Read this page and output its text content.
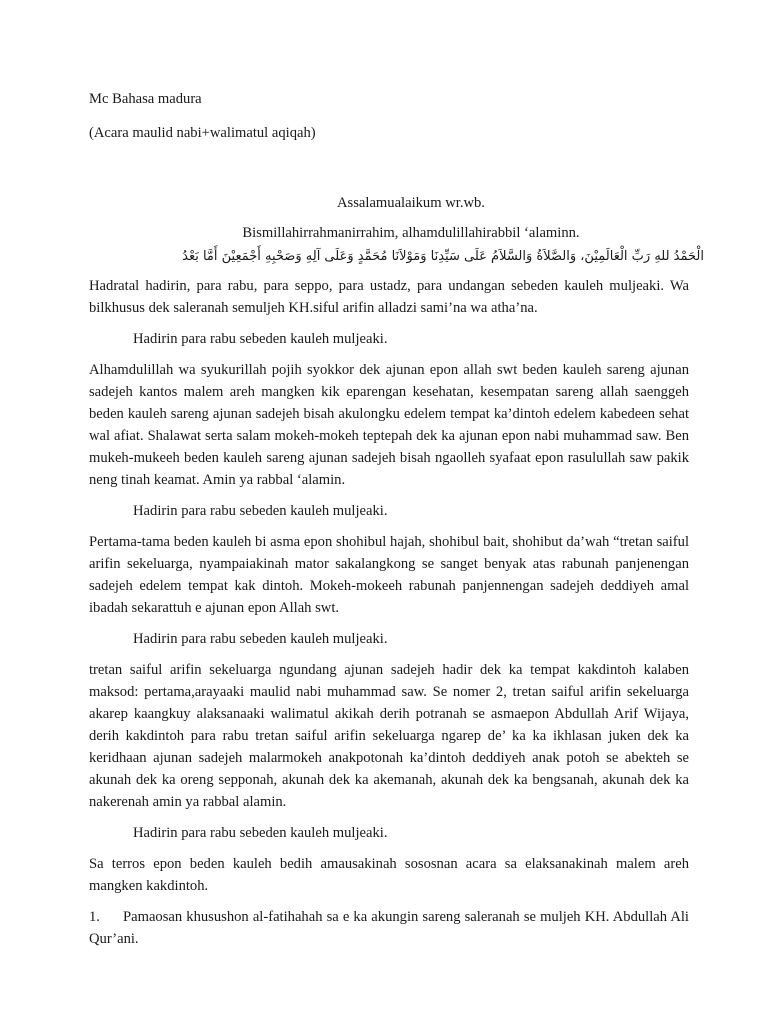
Mc Bahasa madura
(Acara maulid nabi+walimatul aqiqah)
Assalamualaikum wr.wb.
Bismillahirrahmanirrahim, alhamdulillahirabbil ‘alaminn.
الْحَمْدُ للهِ رَبِّ الْعَالَمِيْنَ، وَالصَّلاَةُ وَالسَّلاَمُ عَلَى سَيِّدِنَا وَمَوْلاَنَا مُحَمَّدٍ وَعَلَى آلِهِ وَصَحْبِهِ أَجْمَعِيْنَ أَمَّا بَعْدُ

Hadratal hadirin, para rabu, para seppo, para ustadz, para undangan sebeden kauleh muljeaki. Wa bilkhusus dek saleranah semuljeh KH.siful arifin alladzi sami’na wa atha’na.

Hadirin para rabu sebeden kauleh muljeaki.

Alhamdulillah wa syukurillah pojih syokkor dek ajunan epon allah swt beden kauleh sareng ajunan sadejeh kantos malem areh mangken kik eparengan kesehatan, kesempatan sareng allah saenggeh beden kauleh sareng ajunan sadejeh bisah akulongku edelem tempat ka’dintoh edelem kabedeen sehat wal afiat. Shalawat serta salam mokeh-mokeh teptepah dek ka ajunan epon nabi muhammad saw. Ben mukeh-mukeeh beden kauleh sareng ajunan sadejeh bisah ngaolleh syafaat epon rasulullah saw pakik neng tinah keamat. Amin ya rabbal ‘alamin.

Hadirin para rabu sebeden kauleh muljeaki.

Pertama-tama beden kauleh bi asma epon shohibul hajah, shohibul bait, shohibut da’wah “tretan saiful arifin sekeluarga, nyampaiakinah mator sakalangkong se sanget benyak atas rabunah panjenengan sadejeh edelem tempat kak dintoh. Mokeh-mokeeh rabunah panjennengan sadejeh deddiyeh amal ibadah sekarattuh e ajunan epon Allah swt.

Hadirin para rabu sebeden kauleh muljeaki.

tretan saiful arifin sekeluarga ngundang ajunan sadejeh hadir dek ka tempat kakdintoh kalaben maksod: pertama,arayaaki maulid nabi muhammad saw. Se nomer 2, tretan saiful arifin sekeluarga akarep kaangkuy alaksanaaki walimatul akikah derih potranah se asmaepon Abdullah Arif Wijaya, derih kakdintoh para rabu tretan saiful arifin sekeluarga ngarep de’ ka ka ikhlasan juken dek ka keridhaan ajunan sadejeh malarmokeh anakpotonah ka’dintoh deddiyeh anak potoh se abekteh se akunah dek ka oreng sepponah, akunah dek ka akemanah, akunah dek ka bengsanah, akunah dek ka nakerenah amin ya rabbal alamin.

Hadirin para rabu sebeden kauleh muljeaki.

Sa terros epon beden kauleh bedih amausakinah sososnan acara sa elaksanakinah malem areh mangken kakdintoh.

1. Pamaosan khusushon al-fatihahah sa e ka akungin sareng saleranah se muljeh KH. Abdullah Ali Qur’ani.
